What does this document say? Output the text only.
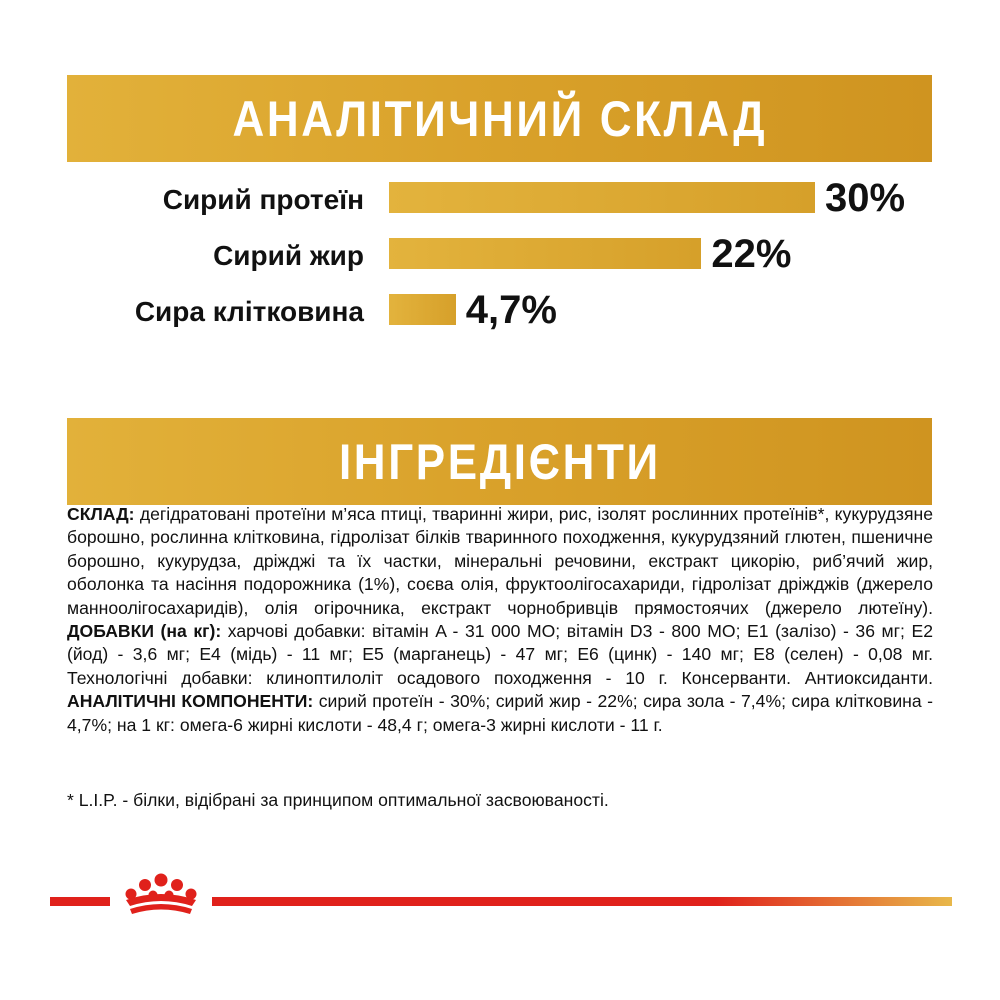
АНАЛІТИЧНИЙ СКЛАД
Сирий протеїн	30%
Сирий жир	22%
Сира клітковина	4,7%
ІНГРЕДІЄНТИ
СКЛАД: дегідратовані протеїни м’яса птиці, тваринні жири, рис, ізолят рослинних протеїнів*, кукурудзяне борошно, рослинна клітковина, гідролізат білків тваринного походження, кукурудзяний глютен, пшеничне борошно, кукурудза, дріжджі та їх частки, мінеральні речовини, екстракт цикорію, риб’ячий жир, оболонка та насіння подорожника (1%), соєва олія, фруктоолігосахариди, гідролізат дріжджів (джерело манноолігосахаридів), олія огірочника, екстракт чорнобривців прямостоячих (джерело лютеїну). ДОБАВКИ (на кг): харчові добавки: вітамін A - 31 000 МО; вітамін D3 - 800 МО; E1 (залізо) - 36 мг; E2 (йод) - 3,6 мг; E4 (мідь) - 11 мг; E5 (марганець) - 47 мг; E6 (цинк) - 140 мг; E8 (селен) - 0,08 мг. Технологічні добавки: клиноптилоліт осадового походження - 10 г. Консерванти. Антиоксиданти. АНАЛІТИЧНІ КОМПОНЕНТИ: сирий протеїн - 30%; сирий жир - 22%; сира зола - 7,4%; сира клітковина - 4,7%; на 1 кг: омега-6 жирні кислоти - 48,4 г; омега-3 жирні кислоти - 11 г.
* L.I.P. - білки, відібрані за принципом оптимальної засвоюваності.
